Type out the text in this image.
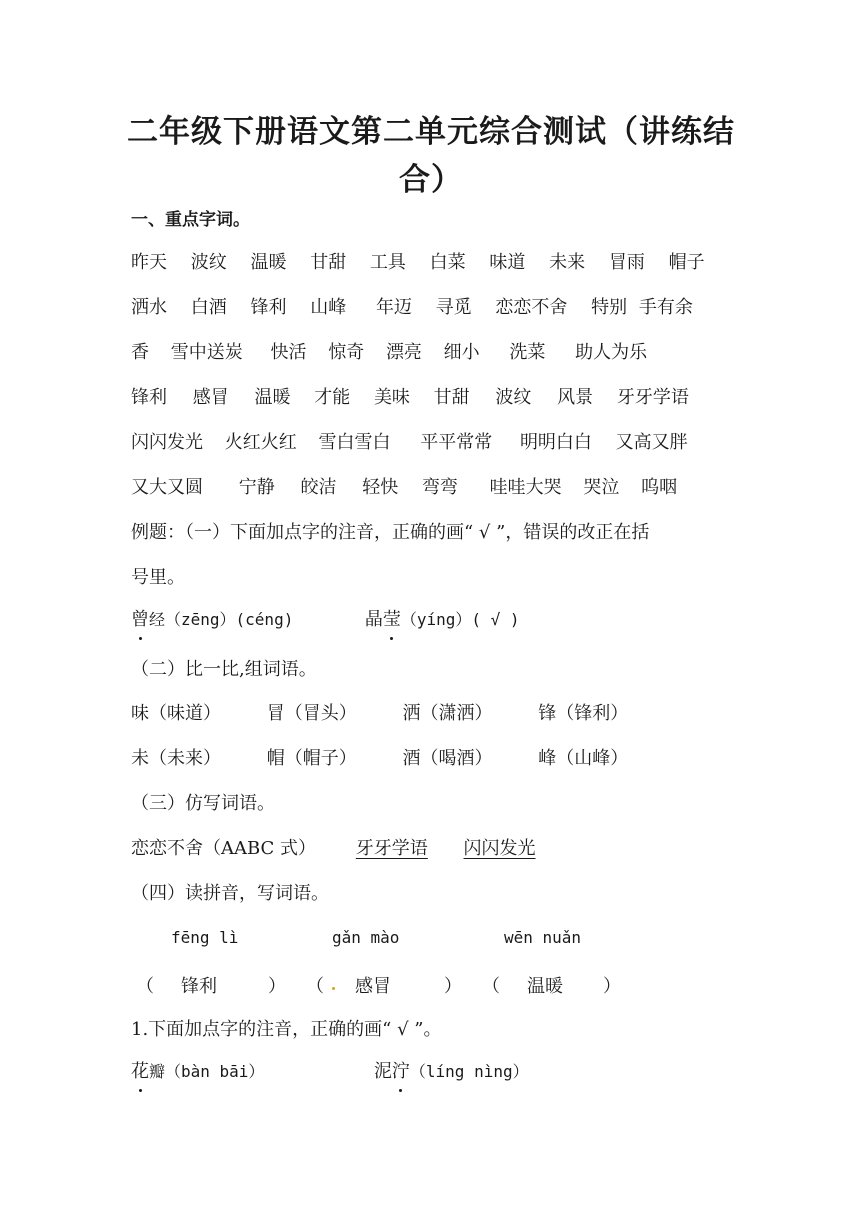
二年级下册语文第二单元综合测试（讲练结合）
一、重点字词。
昨天 波纹 温暖 甘甜 工具 白菜 味道 未来 冒雨 帽子
洒水 白酒 锋利 山峰 年迈 寻觅 恋恋不舍 特别 手有余
香 雪中送炭 快活 惊奇 漂亮 细小 洗菜 助人为乐
锋利 感冒 温暖 才能 美味 甘甜 波纹 风景 牙牙学语
闪闪发光 火红火红 雪白雪白 平平常常 明明白白 又高又胖
又大又圆 宁静 皎洁 轻快 弯弯 哇哇大哭 哭泣 呜咽
例题：（一）下面加点字的注音，正确的画“ √ ”，错误的改正在括
号里。
曾经（zēng）(céng)	晶莹（yíng）( √ )
（二）比一比,组词语。
味（味道）	冒（冒头）	洒（潇洒）	锋（锋利）
未（未来）	帽（帽子）	酒（喝酒）	峰（山峰）
（三）仿写词语。
恋恋不舍（AABC 式） 牙牙学语 闪闪发光
（四）读拼音，写词语。
fēng lì	gǎn mào	wēn nuǎn
（ 锋利	） （ 感冒	） （ 温暖 ）
1.下面加点字的注音，正确的画“ √ ”。
花瓣（bàn bāi）	泥泞（líng nìng）
